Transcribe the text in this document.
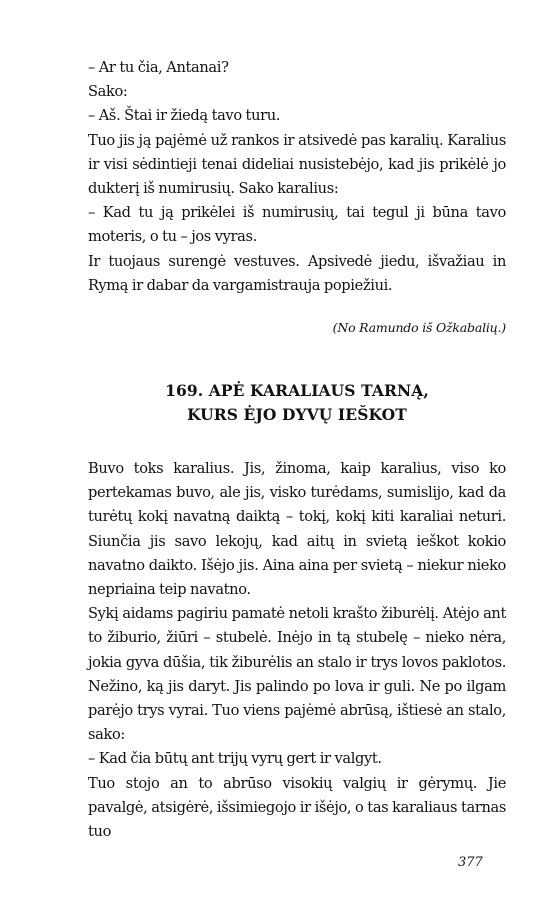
– Ar tu čia, Antanai?

Sako:

– Aš. Štai ir žiedą tavo turu.

Tuo jis ją pajėmė už rankos ir atsivedė pas karalių. Karalius ir visi sėdintieji tenai dideliai nusistebėjo, kad jis prikėlė jo dukterį iš numirusių. Sako karalius:

– Kad tu ją prikėlei iš numirusių, tai tegul ji būna tavo moteris, o tu – jos vyras.

Ir tuojaus surengė vestuves. Apsivedė jiedu, išvažiau in Rymą ir dabar da vargamistrauja popiežiui.

(No Ramundo iš Ožkabalių.)

169. APĖ KARALIAUS TARNĄ,
KURS ĖJO DYVŲ IEŠKOT

Buvo toks karalius. Jis, žinoma, kaip karalius, viso ko pertekamas buvo, ale jis, visko turėdams, sumislijo, kad da turėtų kokį navatną daiktą – tokį, kokį kiti karaliai neturi. Siunčia jis savo lekojų, kad aitų in svietą ieškot kokio navatno daikto. Išėjo jis. Aina aina per svietą – niekur nieko nepriaina teip navatno.

Sykį aidams pagiriu pamatė netoli krašto žiburėlį. Atėjo ant to žiburio, žiūri – stubelė. Inėjo in tą stubelę – nieko nėra, jokia gyva dūšia, tik žiburėlis an stalo ir trys lovos paklotos. Nežino, ką jis daryt. Jis palindo po lova ir guli. Ne po ilgam parėjo trys vyrai. Tuo viens pajėmė abrūsą, ištiesė an stalo, sako:

– Kad čia būtų ant trijų vyrų gert ir valgyt.

Tuo stojo an to abrūso visokių valgių ir gėrymų. Jie pavalgė, atsigėrė, išsimiegojo ir išėjo, o tas karaliaus tarnas tuo

377
